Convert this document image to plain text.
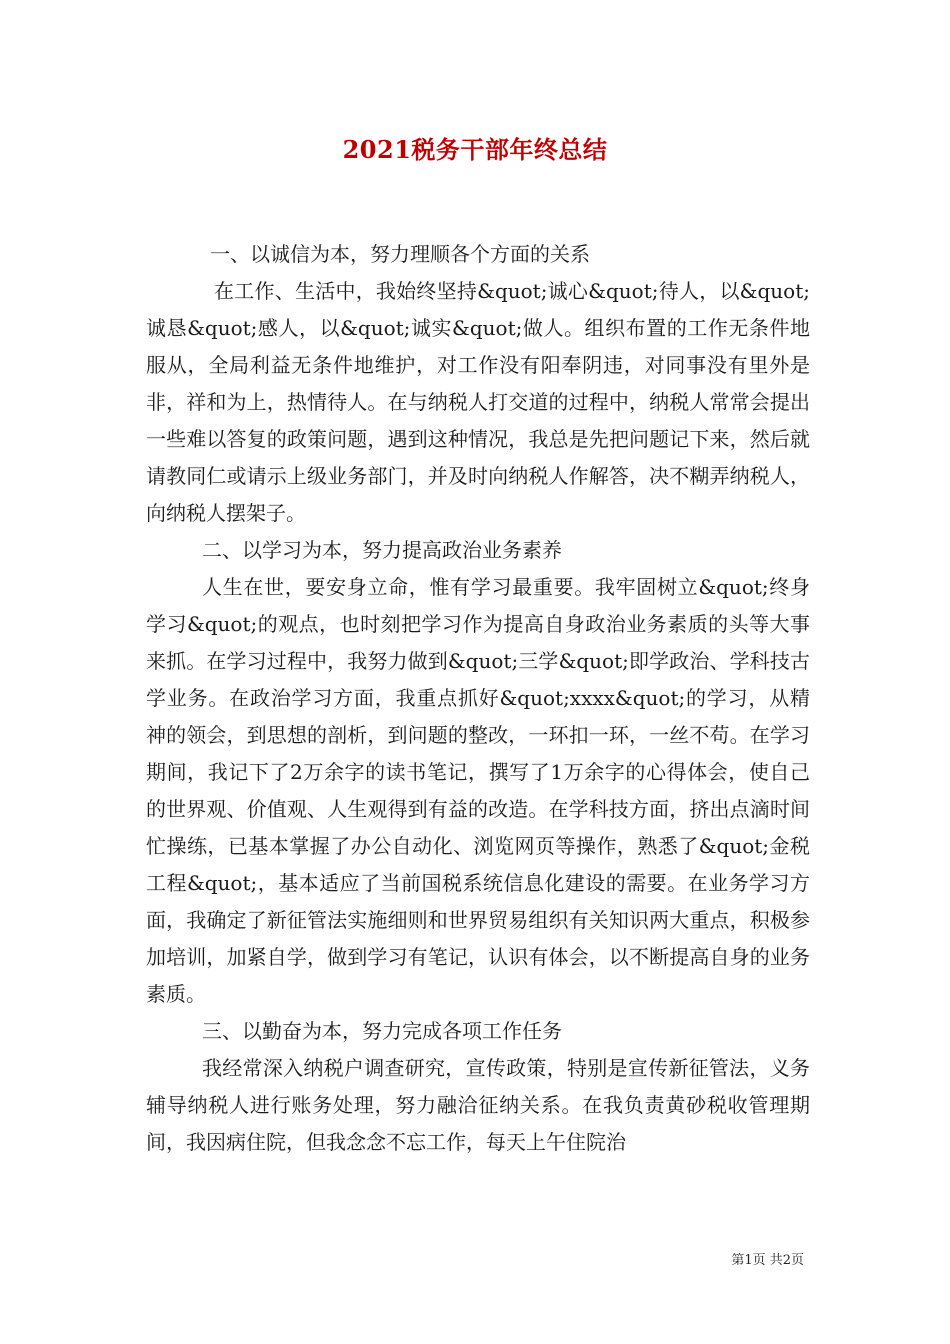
2021税务干部年终总结

一、以诚信为本，努力理顺各个方面的关系

在工作、生活中，我始终坚持&quot;诚心&quot;待人，以&quot;诚恳&quot;感人，以&quot;诚实&quot;做人。组织布置的工作无条件地服从，全局利益无条件地维护，对工作没有阳奉阴违，对同事没有里外是非，祥和为上，热情待人。在与纳税人打交道的过程中，纳税人常常会提出一些难以答复的政策问题，遇到这种情况，我总是先把问题记下来，然后就请教同仁或请示上级业务部门，并及时向纳税人作解答，决不糊弄纳税人，向纳税人摆架子。

二、以学习为本，努力提高政治业务素养

人生在世，要安身立命，惟有学习最重要。我牢固树立&quot;终身学习&quot;的观点，也时刻把学习作为提高自身政治业务素质的头等大事来抓。在学习过程中，我努力做到&quot;三学&quot;即学政治、学科技古学业务。在政治学习方面，我重点抓好&quot;xxxx&quot;的学习，从精神的领会，到思想的剖析，到问题的整改，一环扣一环，一丝不苟。在学习期间，我记下了2万余字的读书笔记，撰写了1万余字的心得体会，使自己的世界观、价值观、人生观得到有益的改造。在学科技方面，挤出点滴时间忙操练，已基本掌握了办公自动化、浏览网页等操作，熟悉了&quot;金税工程&quot;，基本适应了当前国税系统信息化建设的需要。在业务学习方面，我确定了新征管法实施细则和世界贸易组织有关知识两大重点，积极参加培训，加紧自学，做到学习有笔记，认识有体会，以不断提高自身的业务素质。

三、以勤奋为本，努力完成各项工作任务

我经常深入纳税户调查研究，宣传政策，特别是宣传新征管法，义务辅导纳税人进行账务处理，努力融洽征纳关系。在我负责黄砂税收管理期间，我因病住院，但我念念不忘工作，每天上午住院治

第1页 共2页
